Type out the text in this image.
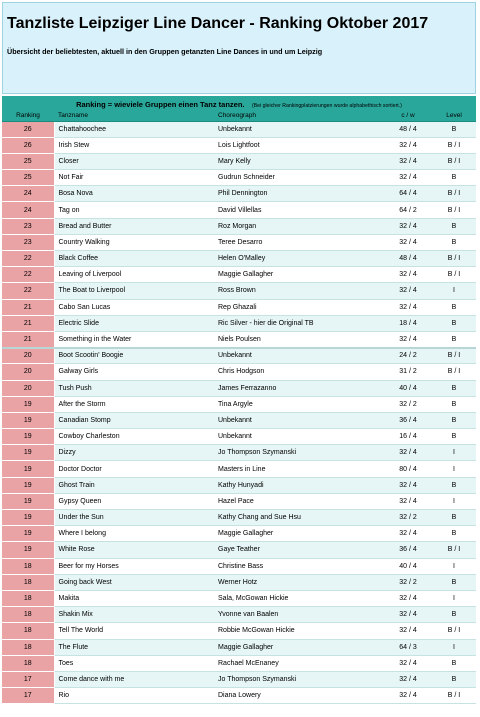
Tanzliste Leipziger Line Dancer - Ranking Oktober 2017
Übersicht der beliebtesten, aktuell in den Gruppen getanzten Line Dances in und um Leipzig
Ranking = wieviele Gruppen einen Tanz tanzen. (Bei gleicher Rankingplatzierungen wurde alphabethisch sortiert.)
Ranking	Tanzname	Choreograph	c / w	Level
26	Chattahoochee	Unbekannt	48 / 4	B
26	Irish Stew	Lois Lightfoot	32 / 4	B / I
25	Closer	Mary Kelly	32 / 4	B / I
25	Not Fair	Gudrun Schneider	32 / 4	B
24	Bosa Nova	Phil Dennington	64 / 4	B / I
24	Tag on	David Villellas	64 / 2	B / I
23	Bread and Butter	Roz Morgan	32 / 4	B
23	Country Walking	Teree Desarro	32 / 4	B
22	Black Coffee	Helen O'Malley	48 / 4	B / I
22	Leaving of Liverpool	Maggie Gallagher	32 / 4	B / I
22	The Boat to Liverpool	Ross Brown	32 / 4	I
21	Cabo San Lucas	Rep Ghazali	32 / 4	B
21	Electric Slide	Ric Silver - hier die Original TB	18 / 4	B
21	Something in the Water	Niels Poulsen	32 / 4	B
20	Boot Scootin' Boogie	Unbekannt	24 / 2	B / I
20	Galway Girls	Chris Hodgson	31 / 2	B / I
20	Tush Push	James Ferrazanno	40 / 4	B
19	After the Storm	Tina Argyle	32 / 2	B
19	Canadian Stomp	Unbekannt	36 / 4	B
19	Cowboy Charleston	Unbekannt	16 / 4	B
19	Dizzy	Jo Thompson Szymanski	32 / 4	I
19	Doctor Doctor	Masters in Line	80 / 4	I
19	Ghost Train	Kathy Hunyadi	32 / 4	B
19	Gypsy Queen	Hazel Pace	32 / 4	I
19	Under the Sun	Kathy Chang and Sue Hsu	32 / 2	B
19	Where I belong	Maggie Gallagher	32 / 4	B
19	White Rose	Gaye Teather	36 / 4	B / I
18	Beer for my Horses	Christine Bass	40 / 4	I
18	Going back West	Werner Hotz	32 / 2	B
18	Makita	Sala, McGowan Hickie	32 / 4	I
18	Shakin Mix	Yvonne van Baalen	32 / 4	B
18	Tell The World	Robbie McGowan Hickie	32 / 4	B / I
18	The Flute	Maggie Gallagher	64 / 3	I
18	Toes	Rachael McEnaney	32 / 4	B
17	Come dance with me	Jo Thompson Szymanski	32 / 4	B
17	Rio	Diana Lowery	32 / 4	B / I
